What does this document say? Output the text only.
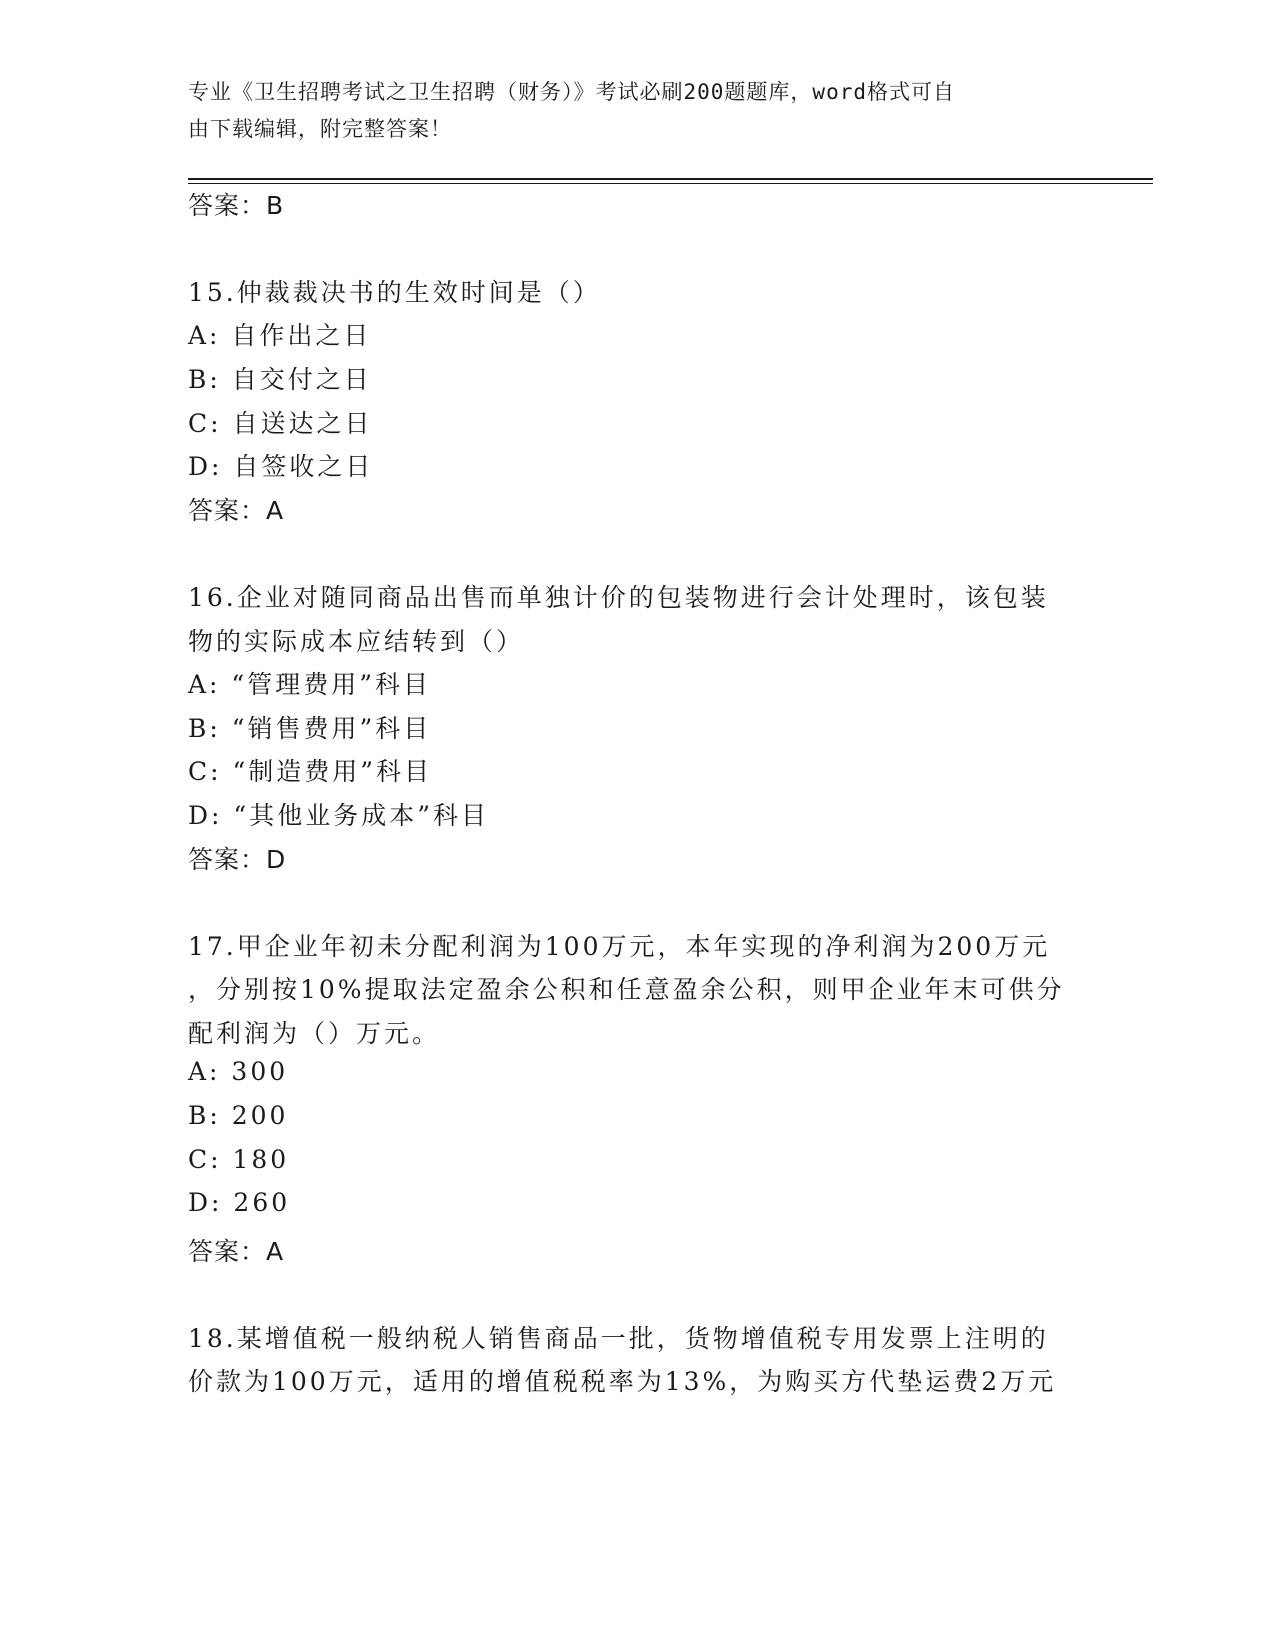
专业《卫生招聘考试之卫生招聘（财务）》考试必刷200题题库，word格式可自
由下载编辑，附完整答案！
答案：B
15.仲裁裁决书的生效时间是（）
A: 自作出之日
B: 自交付之日
C: 自送达之日
D: 自签收之日
答案：A
16.企业对随同商品出售而单独计价的包装物进行会计处理时，该包装
物的实际成本应结转到（）
A: “管理费用”科目
B: “销售费用”科目
C: “制造费用”科目
D: “其他业务成本”科目
答案：D
17.甲企业年初未分配利润为100万元，本年实现的净利润为200万元
，分别按10%提取法定盈余公积和任意盈余公积，则甲企业年末可供分
配利润为（）万元。
A: 300
B: 200
C: 180
D: 260
答案：A
18.某增值税一般纳税人销售商品一批，货物增值税专用发票上注明的
价款为100万元，适用的增值税税率为13%，为购买方代垫运费2万元
